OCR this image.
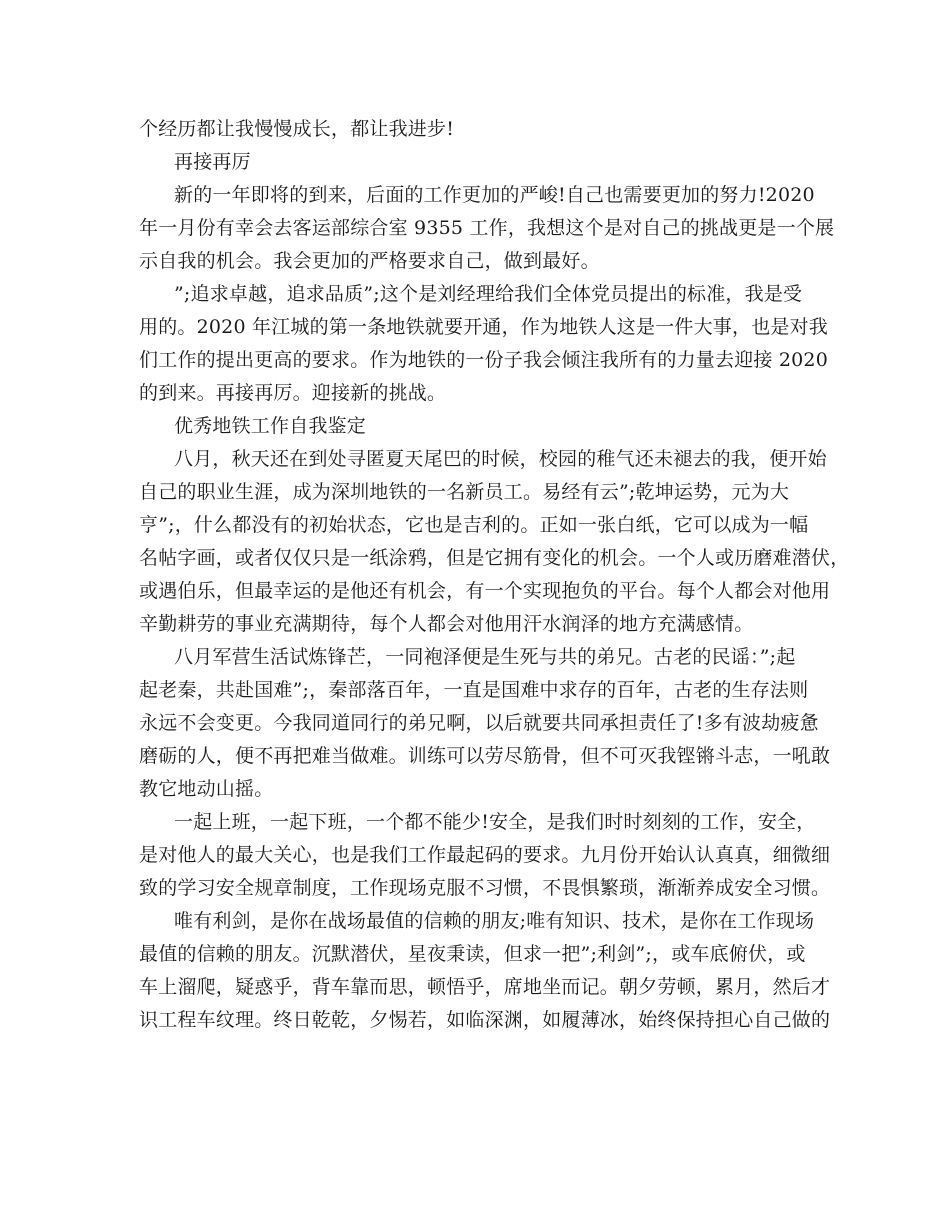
个经历都让我慢慢成长，都让我进步!
再接再厉
新的一年即将的到来，后面的工作更加的严峻!自己也需要更加的努力!2020
年一月份有幸会去客运部综合室 9355 工作，我想这个是对自己的挑战更是一个展
示自我的机会。我会更加的严格要求自己，做到最好。
”;追求卓越，追求品质”;这个是刘经理给我们全体党员提出的标准，我是受
用的。2020 年江城的第一条地铁就要开通，作为地铁人这是一件大事，也是对我
们工作的提出更高的要求。作为地铁的一份子我会倾注我所有的力量去迎接 2020
的到来。再接再厉。迎接新的挑战。
优秀地铁工作自我鉴定
八月，秋天还在到处寻匿夏天尾巴的时候，校园的稚气还未褪去的我，便开始
自己的职业生涯，成为深圳地铁的一名新员工。易经有云”;乾坤运势，元为大
亨”;，什么都没有的初始状态，它也是吉利的。正如一张白纸，它可以成为一幅
名帖字画，或者仅仅只是一纸涂鸦，但是它拥有变化的机会。一个人或历磨难潜伏，
或遇伯乐，但最幸运的是他还有机会，有一个实现抱负的平台。每个人都会对他用
辛勤耕劳的事业充满期待，每个人都会对他用汗水润泽的地方充满感情。
八月军营生活试炼锋芒，一同袍泽便是生死与共的弟兄。古老的民谣：”;起
起老秦，共赴国难”;，秦部落百年，一直是国难中求存的百年，古老的生存法则
永远不会变更。今我同道同行的弟兄啊，以后就要共同承担责任了!多有波劫疲惫
磨砺的人，便不再把难当做难。训练可以劳尽筋骨，但不可灭我铿锵斗志，一吼敢
教它地动山摇。
一起上班，一起下班，一个都不能少!安全，是我们时时刻刻的工作，安全，
是对他人的最大关心，也是我们工作最起码的要求。九月份开始认认真真，细微细
致的学习安全规章制度，工作现场克服不习惯，不畏惧繁琐，渐渐养成安全习惯。
唯有利剑，是你在战场最值的信赖的朋友;唯有知识、技术，是你在工作现场
最值的信赖的朋友。沉默潜伏，星夜秉读，但求一把”;利剑”;，或车底俯伏，或
车上溜爬，疑惑乎，背车靠而思，顿悟乎，席地坐而记。朝夕劳顿，累月，然后才
识工程车纹理。终日乾乾，夕惕若，如临深渊，如履薄冰，始终保持担心自己做的
